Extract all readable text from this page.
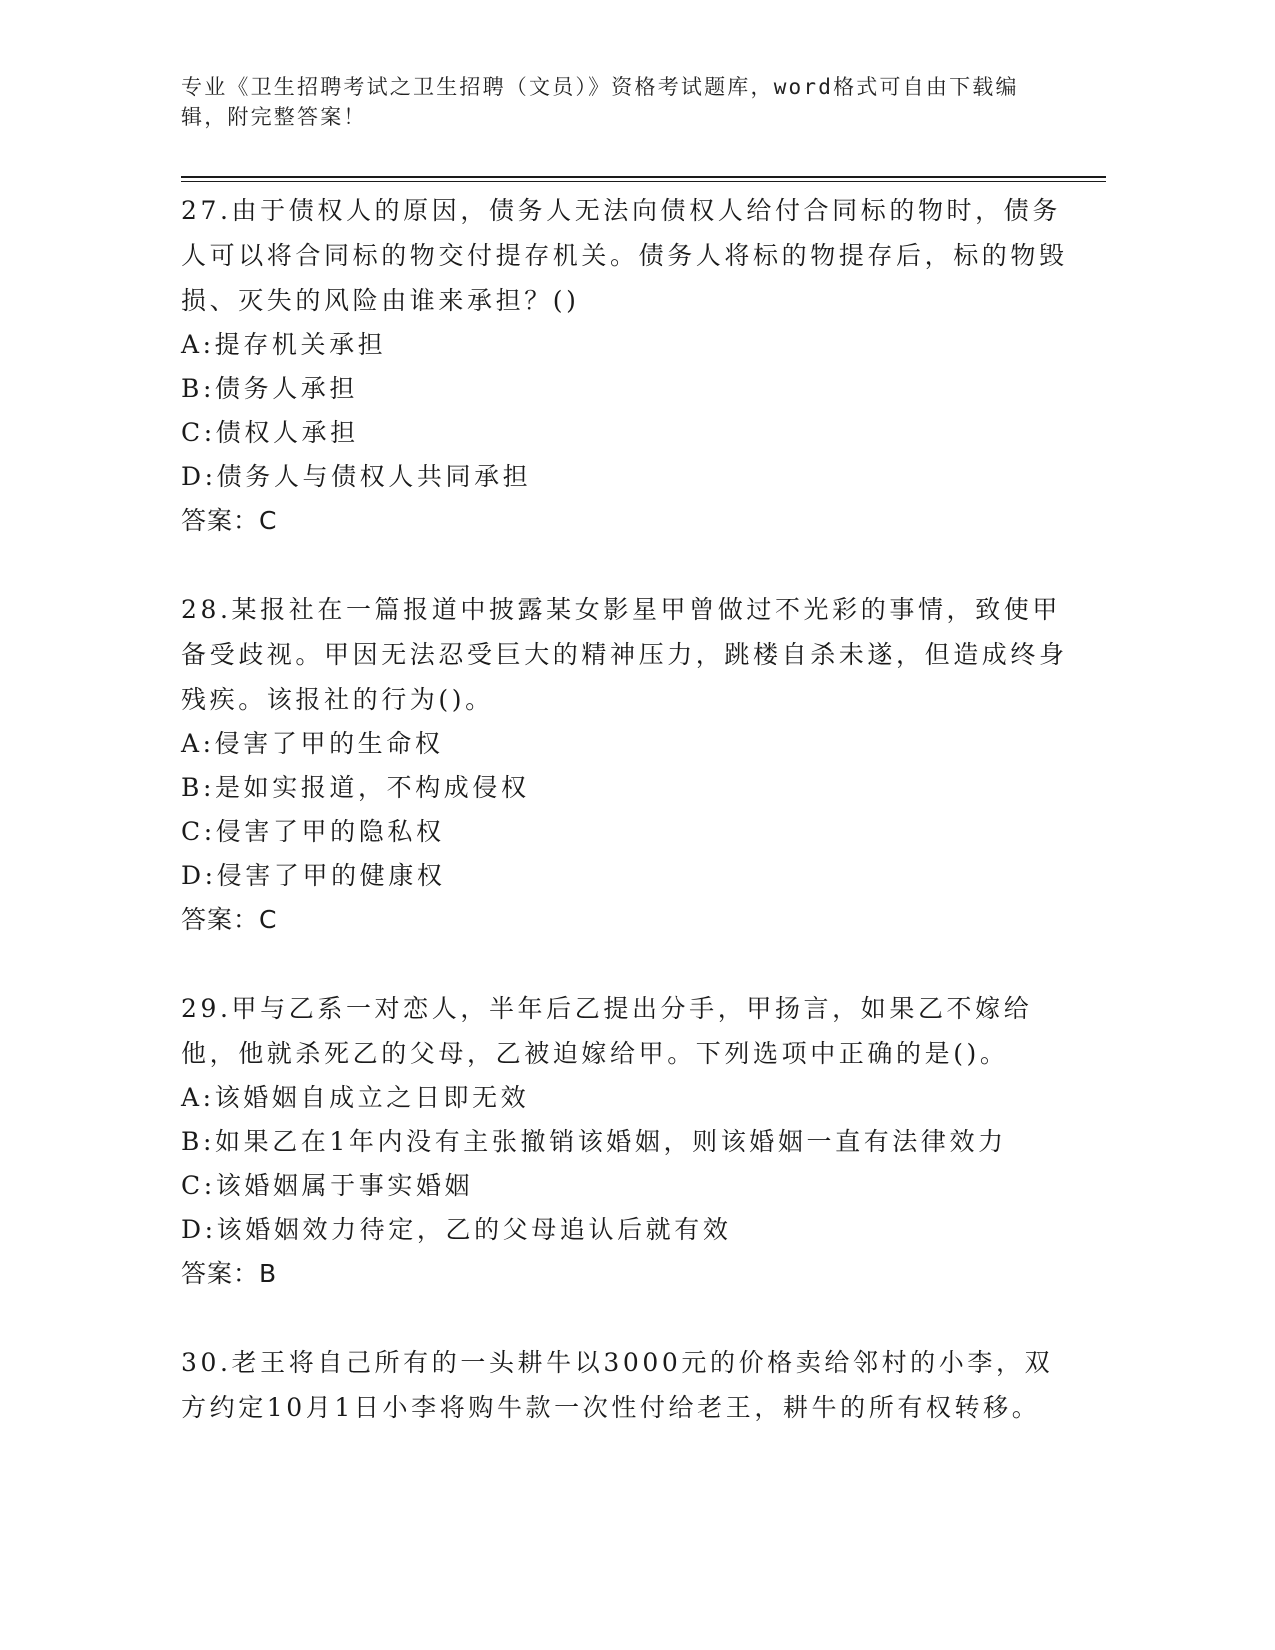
专业《卫生招聘考试之卫生招聘（文员）》资格考试题库，word格式可自由下载编辑，附完整答案！

27.由于债权人的原因，债务人无法向债权人给付合同标的物时，债务人可以将合同标的物交付提存机关。债务人将标的物提存后，标的物毁损、灭失的风险由谁来承担？()

A:提存机关承担

B:债务人承担

C:债权人承担

D:债务人与债权人共同承担

答案：C

28.某报社在一篇报道中披露某女影星甲曾做过不光彩的事情，致使甲备受歧视。甲因无法忍受巨大的精神压力，跳楼自杀未遂，但造成终身残疾。该报社的行为()。

A:侵害了甲的生命权

B:是如实报道，不构成侵权

C:侵害了甲的隐私权

D:侵害了甲的健康权

答案：C

29.甲与乙系一对恋人，半年后乙提出分手，甲扬言，如果乙不嫁给他，他就杀死乙的父母，乙被迫嫁给甲。下列选项中正确的是()。

A:该婚姻自成立之日即无效

B:如果乙在1年内没有主张撤销该婚姻，则该婚姻一直有法律效力

C:该婚姻属于事实婚姻

D:该婚姻效力待定，乙的父母追认后就有效

答案：B

30.老王将自己所有的一头耕牛以3000元的价格卖给邻村的小李，双方约定10月1日小李将购牛款一次性付给老王，耕牛的所有权转移。
